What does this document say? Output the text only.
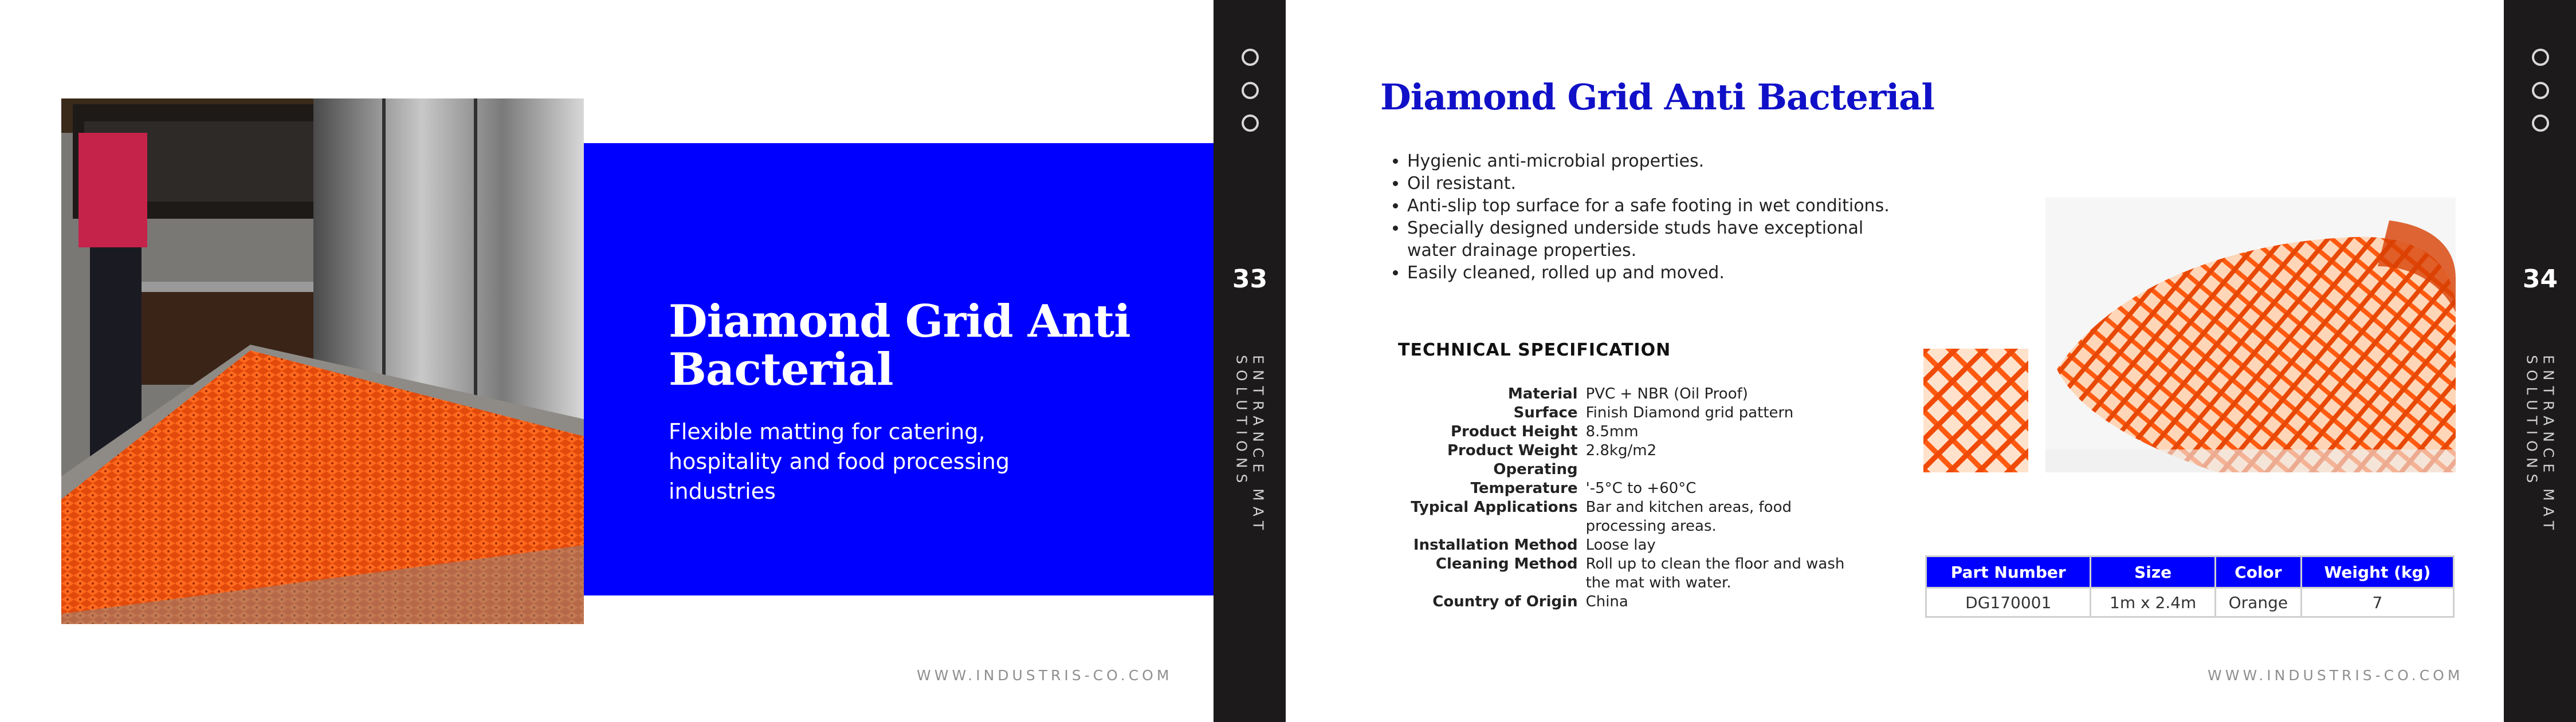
Diamond Grid Anti Bacterial
Flexible matting for catering, hospitality and food processing industries
WWW.INDUSTRIS-CO.COM
33
ENTRANCE MAT SOLUTIONS
Diamond Grid Anti Bacterial
• Hygienic anti-microbial properties.
• Oil resistant.
• Anti-slip top surface for a safe footing in wet conditions.
• Specially designed underside studs have exceptional water drainage properties.
• Easily cleaned, rolled up and moved.
TECHNICAL SPECIFICATION
Material	PVC + NBR (Oil Proof)
Surface	Finish Diamond grid pattern
Product Height	8.5mm
Product Weight	2.8kg/m2
Operating	
Temperature	'-5°C to +60°C
Typical Applications	Bar and kitchen areas, food processing areas.
Installation Method	Loose lay
Cleaning Method	Roll up to clean the floor and wash the mat with water.
Country of Origin	China
Part Number	Size	Color	Weight (kg)
DG170001	1m x 2.4m	Orange	7
WWW.INDUSTRIS-CO.COM
34
ENTRANCE MAT SOLUTIONS
